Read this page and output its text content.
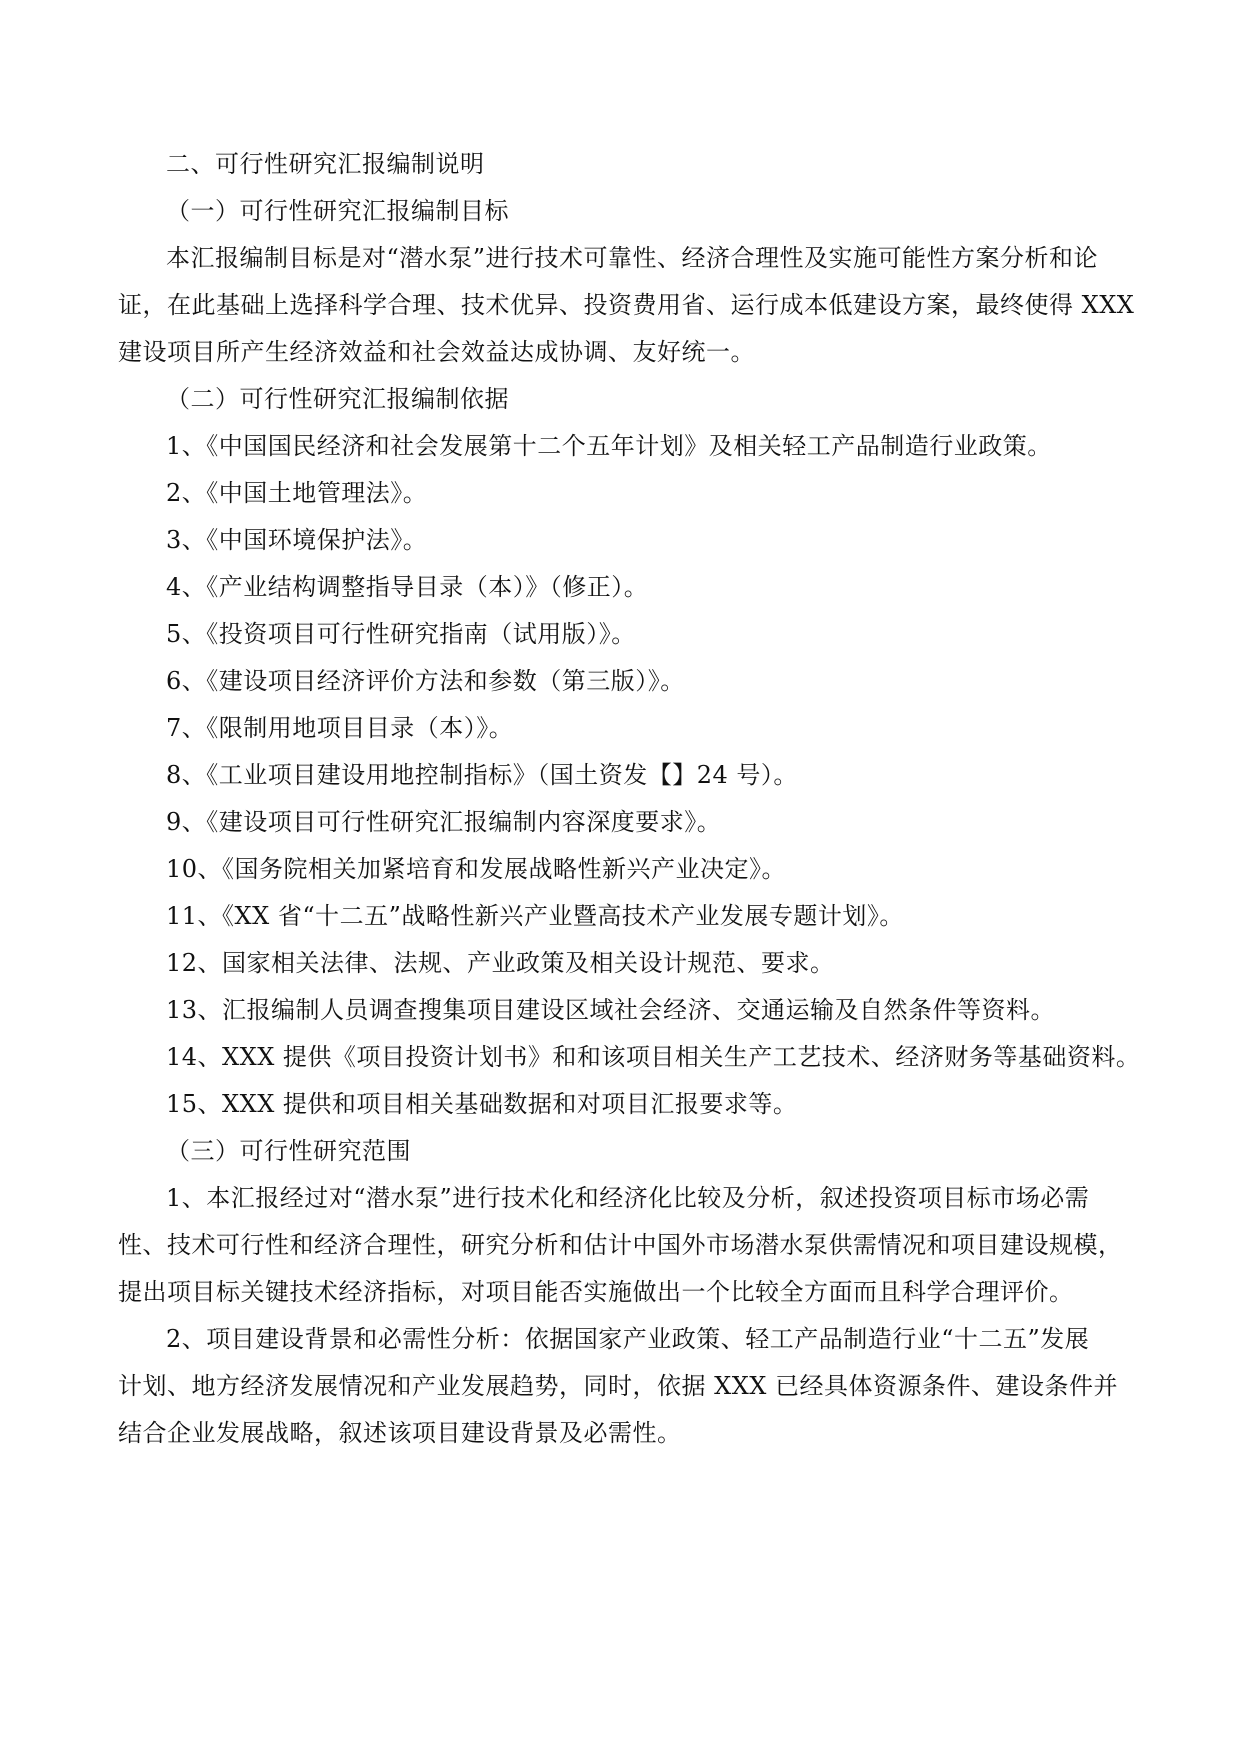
二、可行性研究汇报编制说明
（一）可行性研究汇报编制目标
本汇报编制目标是对“潜水泵”进行技术可靠性、经济合理性及实施可能性方案分析和论
证，在此基础上选择科学合理、技术优异、投资费用省、运行成本低建设方案，最终使得 XXX
建设项目所产生经济效益和社会效益达成协调、友好统一。
（二）可行性研究汇报编制依据
1、《中国国民经济和社会发展第十二个五年计划》及相关轻工产品制造行业政策。
2、《中国土地管理法》。
3、《中国环境保护法》。
4、《产业结构调整指导目录（本）》（修正）。
5、《投资项目可行性研究指南（试用版）》。
6、《建设项目经济评价方法和参数（第三版）》。
7、《限制用地项目目录（本）》。
8、《工业项目建设用地控制指标》（国土资发【】24 号）。
9、《建设项目可行性研究汇报编制内容深度要求》。
10、《国务院相关加紧培育和发展战略性新兴产业决定》。
11、《XX 省“十二五”战略性新兴产业暨高技术产业发展专题计划》。
12、国家相关法律、法规、产业政策及相关设计规范、要求。
13、汇报编制人员调查搜集项目建设区域社会经济、交通运输及自然条件等资料。
14、XXX 提供《项目投资计划书》和和该项目相关生产工艺技术、经济财务等基础资料。
15、XXX 提供和项目相关基础数据和对项目汇报要求等。
（三）可行性研究范围
1、本汇报经过对“潜水泵”进行技术化和经济化比较及分析，叙述投资项目标市场必需
性、技术可行性和经济合理性，研究分析和估计中国外市场潜水泵供需情况和项目建设规模，
提出项目标关键技术经济指标，对项目能否实施做出一个比较全方面而且科学合理评价。
2、项目建设背景和必需性分析：依据国家产业政策、轻工产品制造行业“十二五”发展
计划、地方经济发展情况和产业发展趋势，同时，依据 XXX 已经具体资源条件、建设条件并
结合企业发展战略，叙述该项目建设背景及必需性。
